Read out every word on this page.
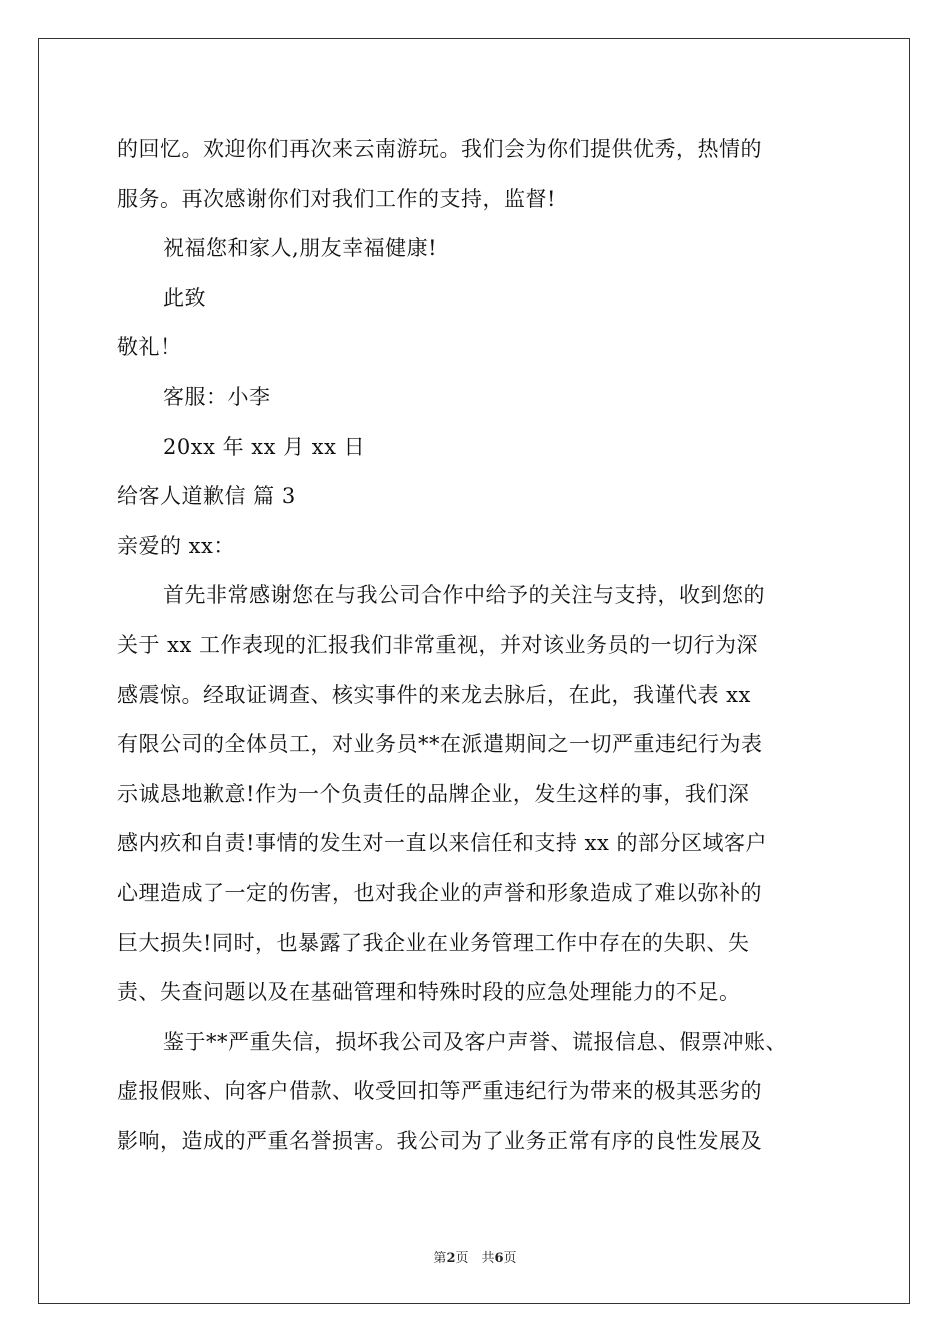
的回忆。欢迎你们再次来云南游玩。我们会为你们提供优秀，热情的
服务。再次感谢你们对我们工作的支持，监督!
祝福您和家人,朋友幸福健康!
此致
敬礼！
客服：小李
20xx 年 xx 月 xx 日
给客人道歉信 篇 3
亲爱的 xx：
首先非常感谢您在与我公司合作中给予的关注与支持，收到您的
关于 xx 工作表现的汇报我们非常重视，并对该业务员的一切行为深
感震惊。经取证调查、核实事件的来龙去脉后，在此，我谨代表 xx
有限公司的全体员工，对业务员**在派遣期间之一切严重违纪行为表
示诚恳地歉意!作为一个负责任的品牌企业，发生这样的事，我们深
感内疚和自责!事情的发生对一直以来信任和支持 xx 的部分区域客户
心理造成了一定的伤害，也对我企业的声誉和形象造成了难以弥补的
巨大损失!同时，也暴露了我企业在业务管理工作中存在的失职、失
责、失查问题以及在基础管理和特殊时段的应急处理能力的不足。
鉴于**严重失信，损坏我公司及客户声誉、谎报信息、假票冲账、
虚报假账、向客户借款、收受回扣等严重违纪行为带来的极其恶劣的
影响，造成的严重名誉损害。我公司为了业务正常有序的良性发展及
第2页　共6页
